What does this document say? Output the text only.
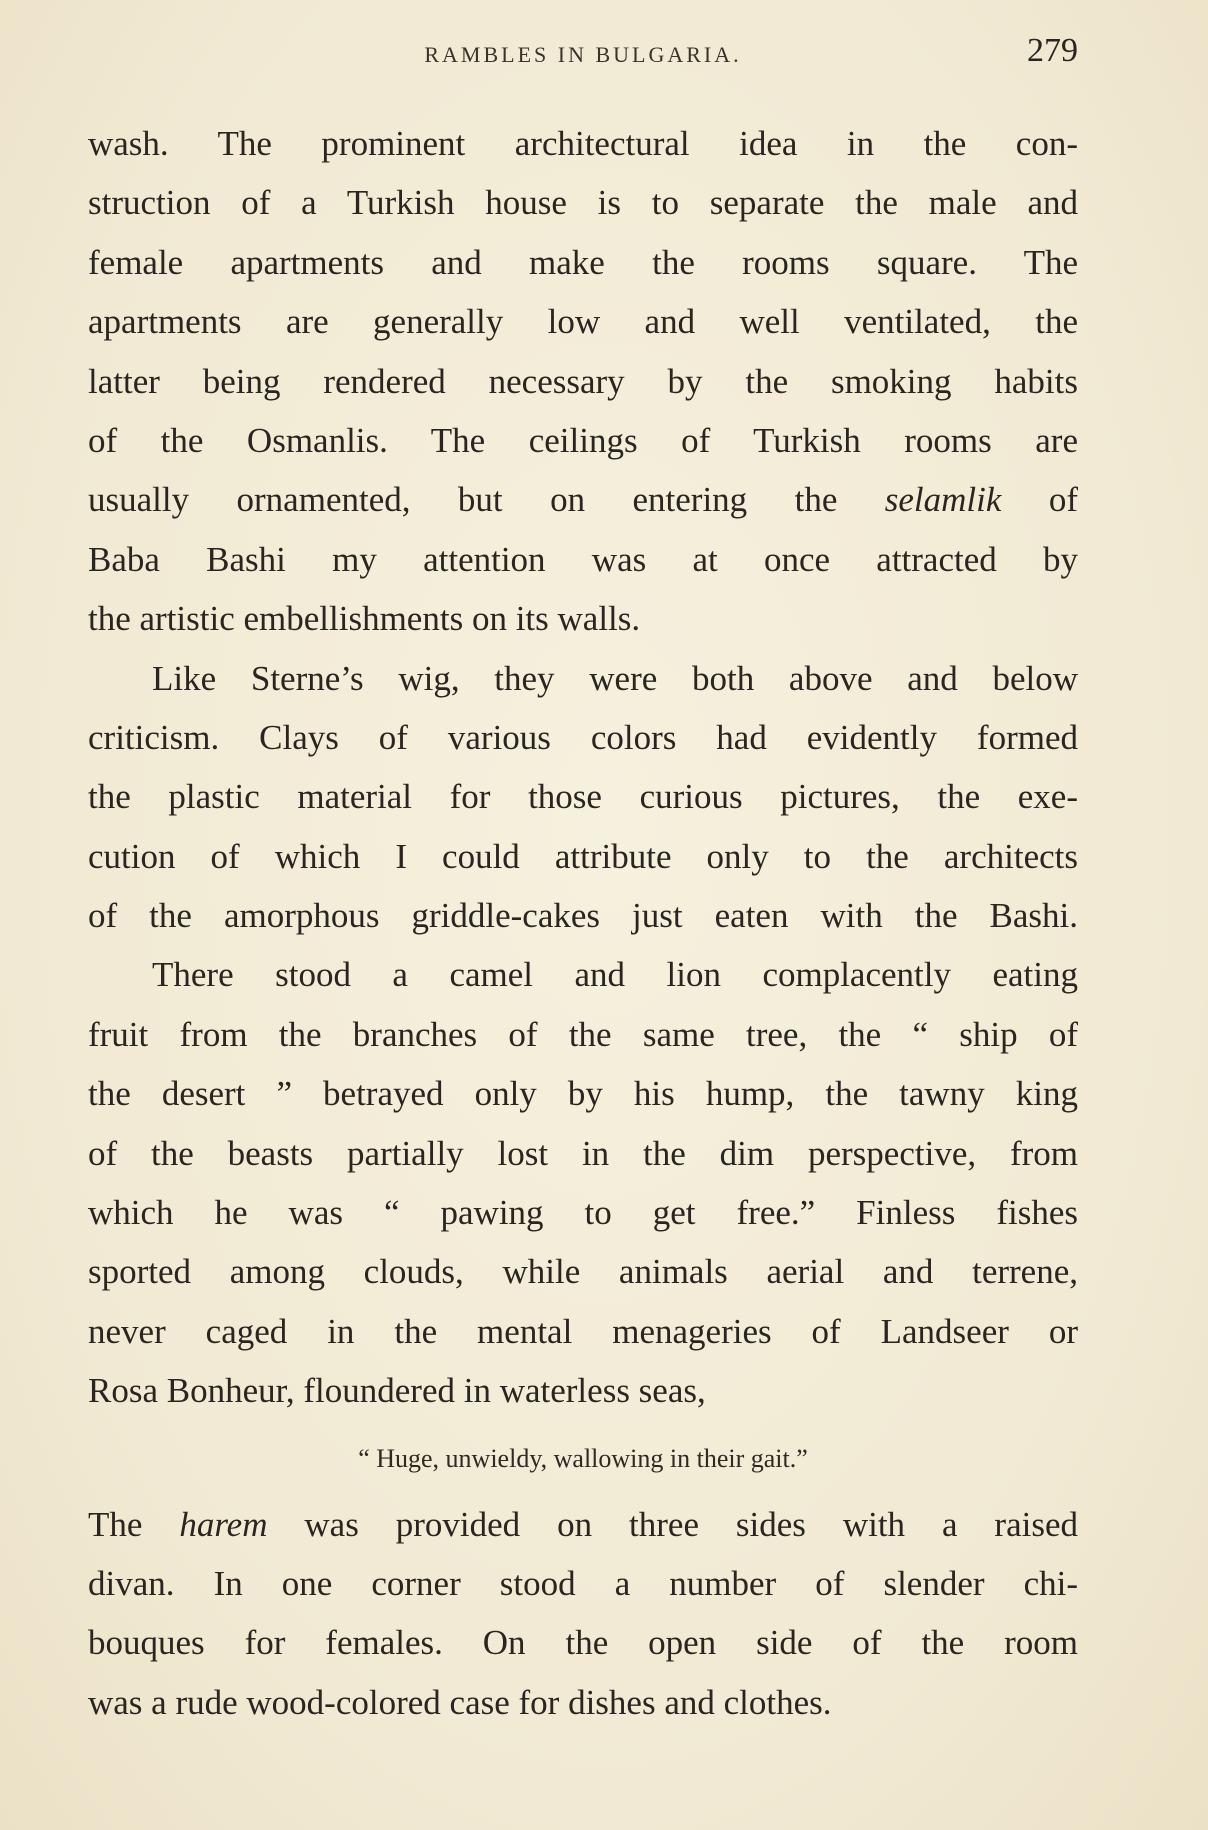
RAMBLES IN BULGARIA.	279
wash. The prominent architectural idea in the con-
struction of a Turkish house is to separate the male and
female apartments and make the rooms square. The
apartments are generally low and well ventilated, the
latter being rendered necessary by the smoking habits
of the Osmanlis. The ceilings of Turkish rooms are
usually ornamented, but on entering the selamlik of
Baba Bashi my attention was at once attracted by
the artistic embellishments on its walls.
Like Sterne’s wig, they were both above and below
criticism. Clays of various colors had evidently formed
the plastic material for those curious pictures, the exe-
cution of which I could attribute only to the architects
of the amorphous griddle-cakes just eaten with the Bashi.
There stood a camel and lion complacently eating
fruit from the branches of the same tree, the “ ship of
the desert ” betrayed only by his hump, the tawny king
of the beasts partially lost in the dim perspective, from
which he was “ pawing to get free.” Finless fishes
sported among clouds, while animals aerial and terrene,
never caged in the mental menageries of Landseer or
Rosa Bonheur, floundered in waterless seas,
“ Huge, unwieldy, wallowing in their gait.”
The harem was provided on three sides with a raised
divan. In one corner stood a number of slender chi-
bouques for females. On the open side of the room
was a rude wood-colored case for dishes and clothes.
